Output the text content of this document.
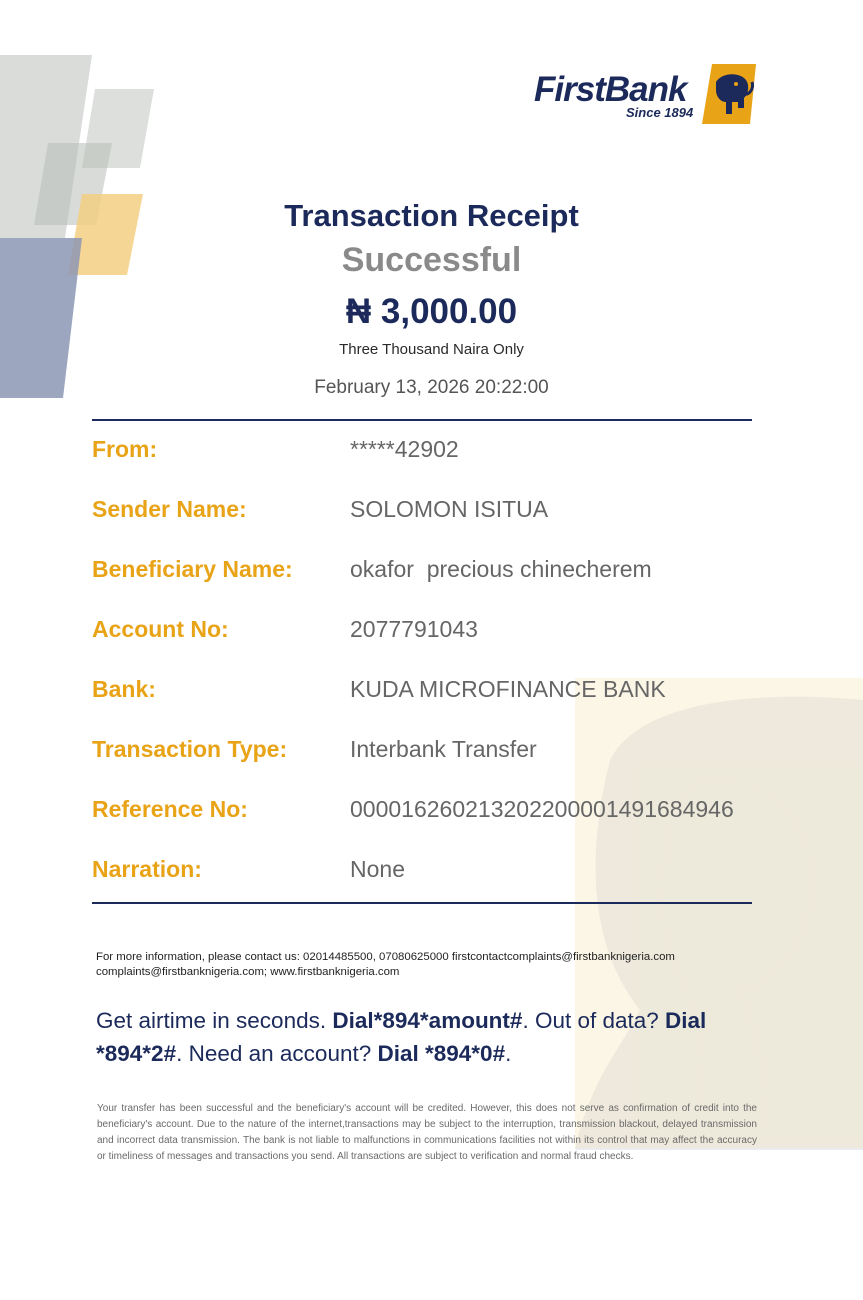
FirstBank
Since 1894
Transaction Receipt
Successful
₦ 3,000.00
Three Thousand Naira Only
February 13, 2026 20:22:00
From:	*****42902
Sender Name:	SOLOMON ISITUA
Beneficiary Name: okafor  precious chinecherem
Account No:	2077791043
Bank:	KUDA MICROFINANCE BANK
Transaction Type:	Interbank Transfer
Reference No:	000016260213202200001491684946
Narration:	None
For more information, please contact us: 02014485500, 07080625000 firstcontactcomplaints@firstbanknigeria.com
complaints@firstbanknigeria.com; www.firstbanknigeria.com
Get airtime in seconds. Dial*894*amount#. Out of data? Dial *894*2#. Need an account? Dial *894*0#.
Your transfer has been successful and the beneficiary's account will be credited. However, this does not serve as confirmation of credit into the beneficiary's account. Due to the nature of the internet,transactions may be subject to the interruption, transmission blackout, delayed transmission and incorrect data transmission. The bank is not liable to malfunctions in communications facilities not within its control that may affect the accuracy or timeliness of messages and transactions you send. All transactions are subject to verification and normal fraud checks.
